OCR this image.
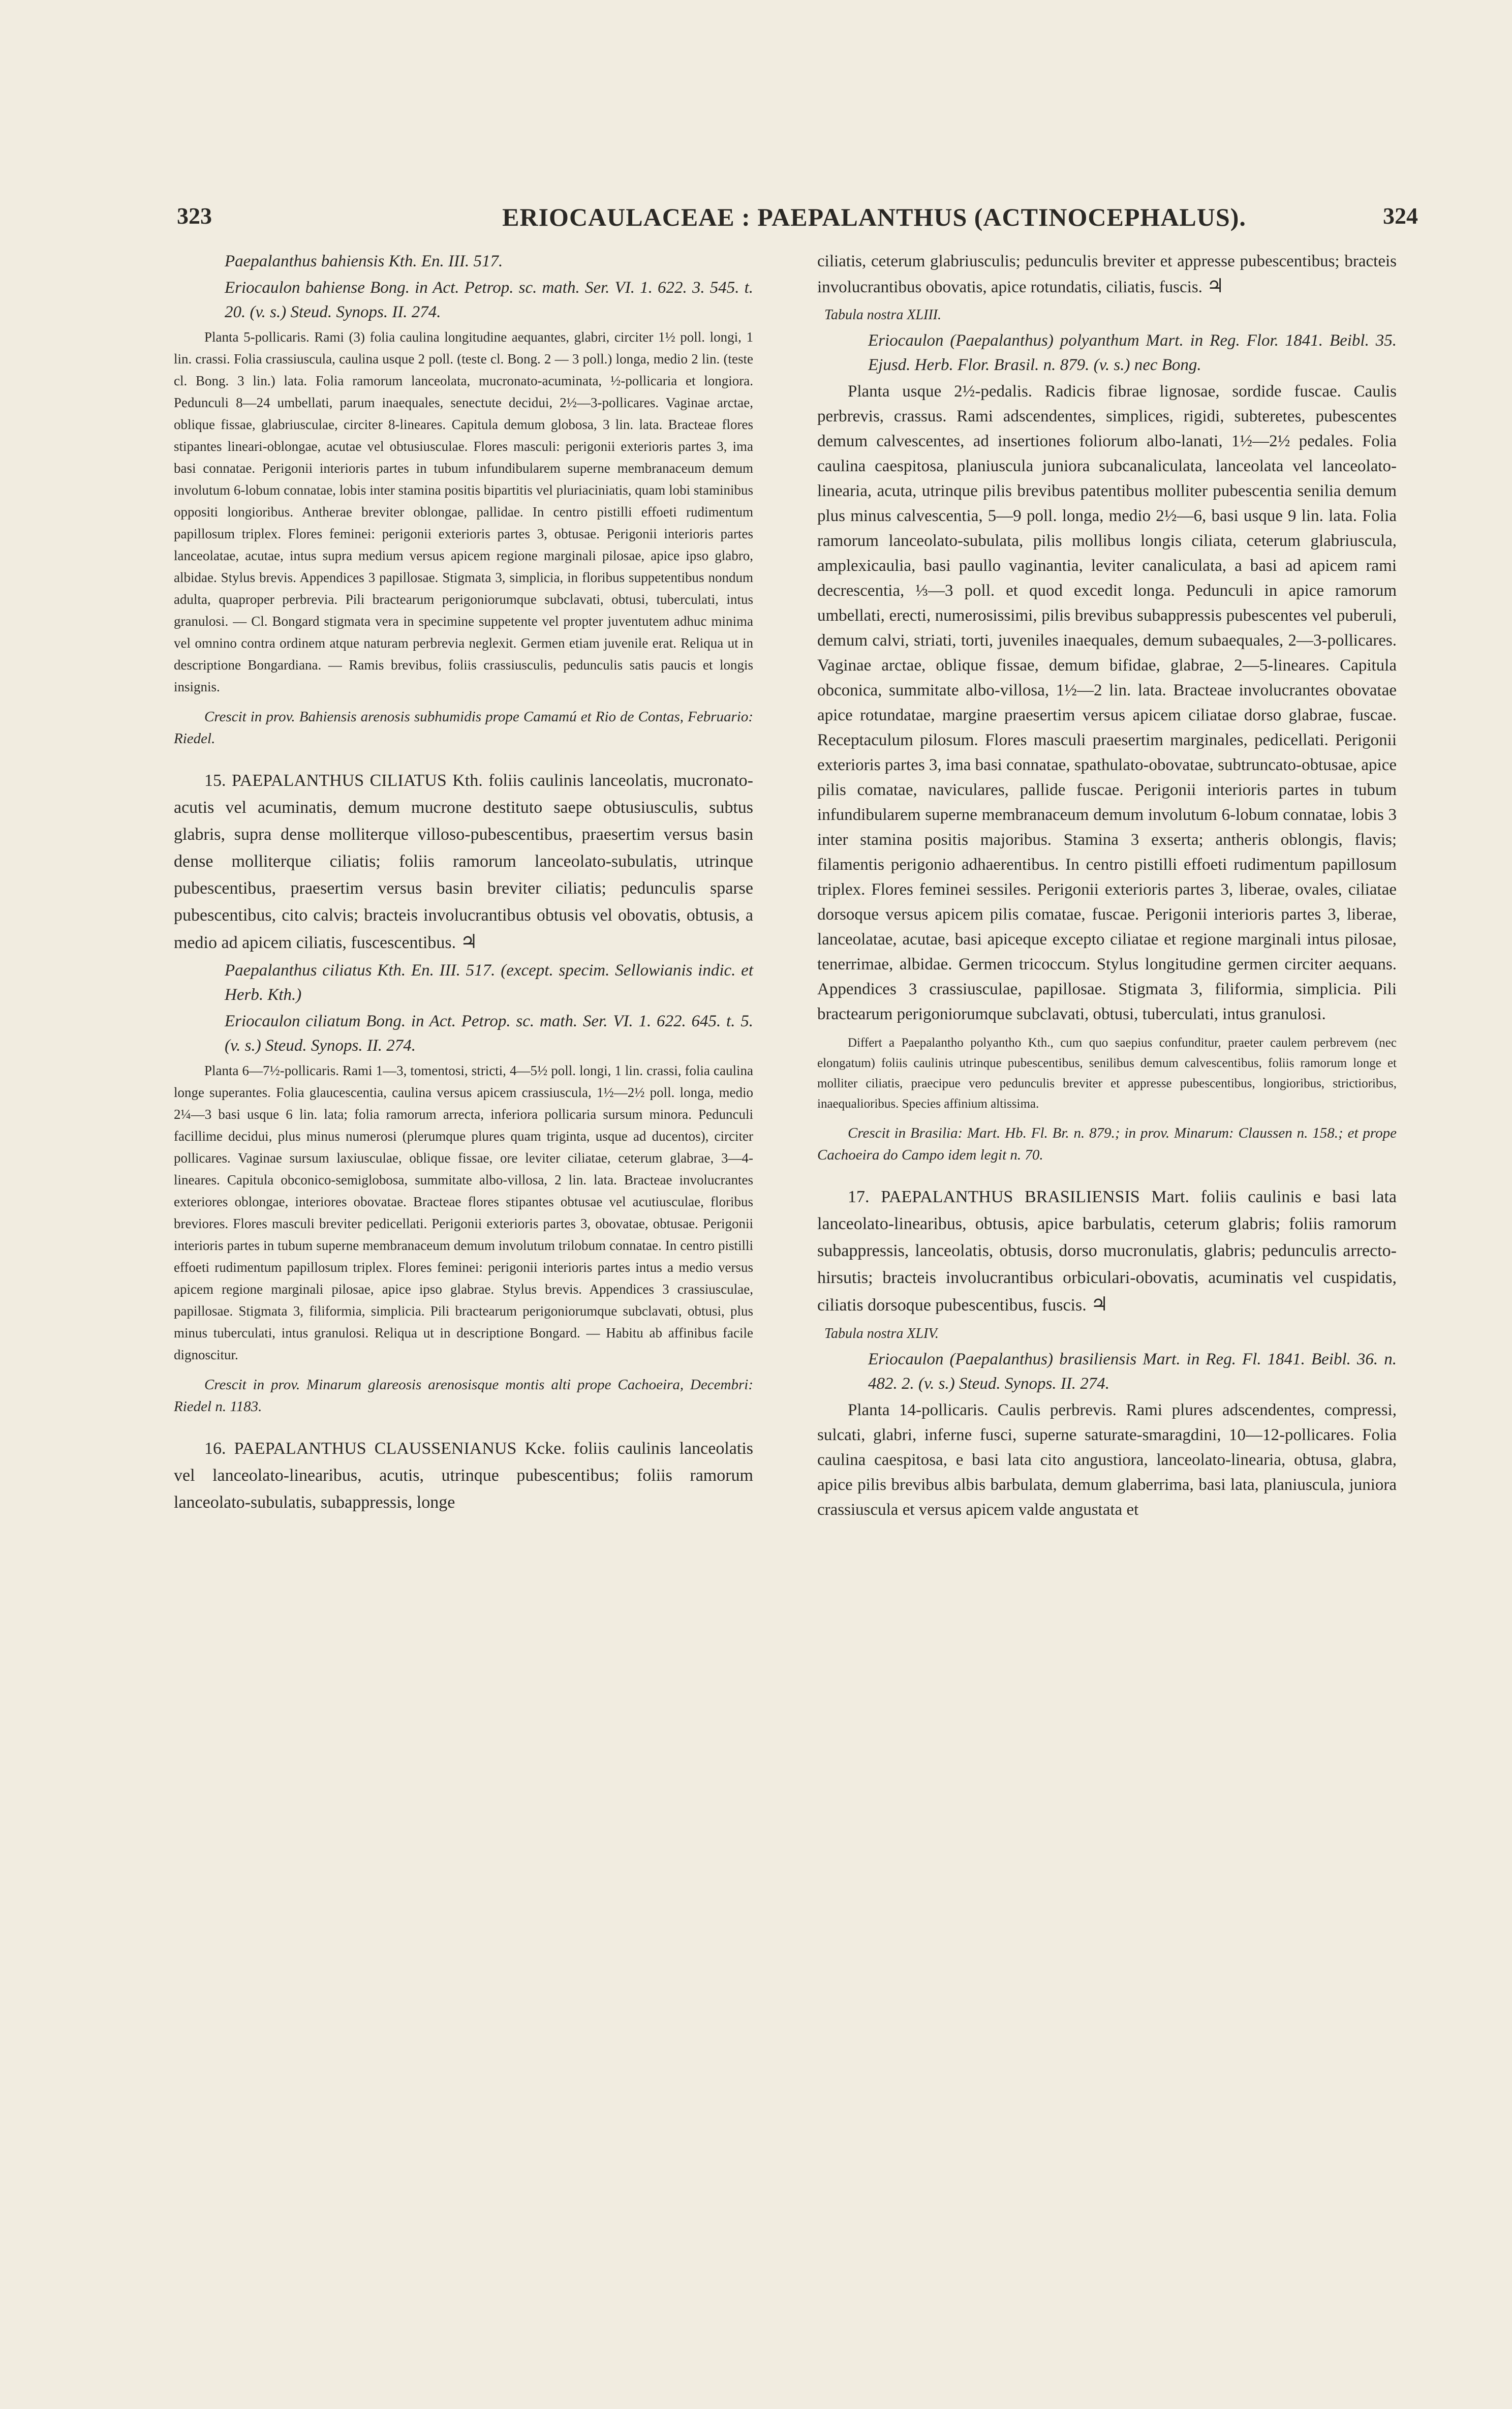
323	ERIOCAULACEAE : PAEPALANTHUS (ACTINOCEPHALUS).	324

Paepalanthus bahiensis Kth. En. III. 517.

Eriocaulon bahiense Bong. in Act. Petrop. sc. math. Ser. VI. 1. 622. 3. 545. t. 20. (v. s.) Steud. Synops. II. 274.

Planta 5-pollicaris. Rami (3) folia caulina longitudine aequantes, glabri, circiter 1½ poll. longi, 1 lin. crassi. Folia crassiuscula, caulina usque 2 poll. (teste cl. Bong. 2 — 3 poll.) longa, medio 2 lin. (teste cl. Bong. 3 lin.) lata. Folia ramorum lanceolata, mucronato-acuminata, ½-pollicaria et longiora. Pedunculi 8—24 umbellati, parum inaequales, senectute decidui, 2½—3-pollicares. Vaginae arctae, oblique fissae, glabriusculae, circiter 8-lineares. Capitula demum globosa, 3 lin. lata. Bracteae flores stipantes lineari-oblongae, acutae vel obtusiusculae. Flores masculi: perigonii exterioris partes 3, ima basi connatae. Perigonii interioris partes in tubum infundibularem superne membranaceum demum involutum 6-lobum connatae, lobis inter stamina positis bipartitis vel pluriaciniatis, quam lobi staminibus oppositi longioribus. Antherae breviter oblongae, pallidae. In centro pistilli effoeti rudimentum papillosum triplex. Flores feminei: perigonii exterioris partes 3, obtusae. Perigonii interioris partes lanceolatae, acutae, intus supra medium versus apicem regione marginali pilosae, apice ipso glabro, albidae. Stylus brevis. Appendices 3 papillosae. Stigmata 3, simplicia, in floribus suppetentibus nondum adulta, quaproper perbrevia. Pili bractearum perigoniorumque subclavati, obtusi, tuberculati, intus granulosi. — Cl. Bongard stigmata vera in specimine suppetente vel propter juventutem adhuc minima vel omnino contra ordinem atque naturam perbrevia neglexit. Germen etiam juvenile erat. Reliqua ut in descriptione Bongardiana. — Ramis brevibus, foliis crassiusculis, pedunculis satis paucis et longis insignis.

Crescit in prov. Bahiensis arenosis subhumidis prope Camamú et Rio de Contas, Februario: Riedel.

15. PAEPALANTHUS CILIATUS Kth. foliis caulinis lanceolatis, mucronato-acutis vel acuminatis, demum mucrone destituto saepe obtusiusculis, subtus glabris, supra dense molliterque villoso-pubescentibus, praesertim versus basin dense molliterque ciliatis; foliis ramorum lanceolato-subulatis, utrinque pubescentibus, praesertim versus basin breviter ciliatis; pedunculis sparse pubescentibus, cito calvis; bracteis involucrantibus obtusis vel obovatis, obtusis, a medio ad apicem ciliatis, fuscescentibus. ♃

Paepalanthus ciliatus Kth. En. III. 517. (except. specim. Sellowianis indic. et Herb. Kth.)

Eriocaulon ciliatum Bong. in Act. Petrop. sc. math. Ser. VI. 1. 622. 645. t. 5. (v. s.) Steud. Synops. II. 274.

Planta 6—7½-pollicaris. Rami 1—3, tomentosi, stricti, 4—5½ poll. longi, 1 lin. crassi, folia caulina longe superantes. Folia glaucescentia, caulina versus apicem crassiuscula, 1½—2½ poll. longa, medio 2¼—3 basi usque 6 lin. lata; folia ramorum arrecta, inferiora pollicaria sursum minora. Pedunculi facillime decidui, plus minus numerosi (plerumque plures quam triginta, usque ad ducentos), circiter pollicares. Vaginae sursum laxiusculae, oblique fissae, ore leviter ciliatae, ceterum glabrae, 3—4-lineares. Capitula obconico-semiglobosa, summitate albo-villosa, 2 lin. lata. Bracteae involucrantes exteriores oblongae, interiores obovatae. Bracteae flores stipantes obtusae vel acutiusculae, floribus breviores. Flores masculi breviter pedicellati. Perigonii exterioris partes 3, obovatae, obtusae. Perigonii interioris partes in tubum superne membranaceum demum involutum trilobum connatae. In centro pistilli effoeti rudimentum papillosum triplex. Flores feminei: perigonii interioris partes intus a medio versus apicem regione marginali pilosae, apice ipso glabrae. Stylus brevis. Appendices 3 crassiusculae, papillosae. Stigmata 3, filiformia, simplicia. Pili bractearum perigoniorumque subclavati, obtusi, plus minus tuberculati, intus granulosi. Reliqua ut in descriptione Bongard. — Habitu ab affinibus facile dignoscitur.

Crescit in prov. Minarum glareosis arenosisque montis alti prope Cachoeira, Decembri: Riedel n. 1183.

16. PAEPALANTHUS CLAUSSENIANUS Kcke. foliis caulinis lanceolatis vel lanceolato-linearibus, acutis, utrinque pubescentibus; foliis ramorum lanceolato-subulatis, subappressis, longe

ciliatis, ceterum glabriusculis; pedunculis breviter et appresse pubescentibus; bracteis involucrantibus obovatis, apice rotundatis, ciliatis, fuscis. ♃

Tabula nostra XLIII.

Eriocaulon (Paepalanthus) polyanthum Mart. in Reg. Flor. 1841. Beibl. 35. Ejusd. Herb. Flor. Brasil. n. 879. (v. s.) nec Bong.

Planta usque 2½-pedalis. Radicis fibrae lignosae, sordide fuscae. Caulis perbrevis, crassus. Rami adscendentes, simplices, rigidi, subteretes, pubescentes demum calvescentes, ad insertiones foliorum albo-lanati, 1½—2½ pedales. Folia caulina caespitosa, planiuscula juniora subcanaliculata, lanceolata vel lanceolato-linearia, acuta, utrinque pilis brevibus patentibus molliter pubescentia senilia demum plus minus calvescentia, 5—9 poll. longa, medio 2½—6, basi usque 9 lin. lata. Folia ramorum lanceolato-subulata, pilis mollibus longis ciliata, ceterum glabriuscula, amplexicaulia, basi paullo vaginantia, leviter canaliculata, a basi ad apicem rami decrescentia, ⅓—3 poll. et quod excedit longa. Pedunculi in apice ramorum umbellati, erecti, numerosissimi, pilis brevibus subappressis pubescentes vel puberuli, demum calvi, striati, torti, juveniles inaequales, demum subaequales, 2—3-pollicares. Vaginae arctae, oblique fissae, demum bifidae, glabrae, 2—5-lineares. Capitula obconica, summitate albo-villosa, 1½—2 lin. lata. Bracteae involucrantes obovatae apice rotundatae, margine praesertim versus apicem ciliatae dorso glabrae, fuscae. Receptaculum pilosum. Flores masculi praesertim marginales, pedicellati. Perigonii exterioris partes 3, ima basi connatae, spathulato-obovatae, subtruncato-obtusae, apice pilis comatae, naviculares, pallide fuscae. Perigonii interioris partes in tubum infundibularem superne membranaceum demum involutum 6-lobum connatae, lobis 3 inter stamina positis majoribus. Stamina 3 exserta; antheris oblongis, flavis; filamentis perigonio adhaerentibus. In centro pistilli effoeti rudimentum papillosum triplex. Flores feminei sessiles. Perigonii exterioris partes 3, liberae, ovales, ciliatae dorsoque versus apicem pilis comatae, fuscae. Perigonii interioris partes 3, liberae, lanceolatae, acutae, basi apiceque excepto ciliatae et regione marginali intus pilosae, tenerrimae, albidae. Germen tricoccum. Stylus longitudine germen circiter aequans. Appendices 3 crassiusculae, papillosae. Stigmata 3, filiformia, simplicia. Pili bractearum perigoniorumque subclavati, obtusi, tuberculati, intus granulosi.

Differt a Paepalantho polyantho Kth., cum quo saepius confunditur, praeter caulem perbrevem (nec elongatum) foliis caulinis utrinque pubescentibus, senilibus demum calvescentibus, foliis ramorum longe et molliter ciliatis, praecipue vero pedunculis breviter et appresse pubescentibus, longioribus, strictioribus, inaequalioribus. Species affinium altissima.

Crescit in Brasilia: Mart. Hb. Fl. Br. n. 879.; in prov. Minarum: Claussen n. 158.; et prope Cachoeira do Campo idem legit n. 70.

17. PAEPALANTHUS BRASILIENSIS Mart. foliis caulinis e basi lata lanceolato-linearibus, obtusis, apice barbulatis, ceterum glabris; foliis ramorum subappressis, lanceolatis, obtusis, dorso mucronulatis, glabris; pedunculis arrecto-hirsutis; bracteis involucrantibus orbiculari-obovatis, acuminatis vel cuspidatis, ciliatis dorsoque pubescentibus, fuscis. ♃

Tabula nostra XLIV.

Eriocaulon (Paepalanthus) brasiliensis Mart. in Reg. Fl. 1841. Beibl. 36. n. 482. 2. (v. s.) Steud. Synops. II. 274.

Planta 14-pollicaris. Caulis perbrevis. Rami plures adscendentes, compressi, sulcati, glabri, inferne fusci, superne saturate-smaragdini, 10—12-pollicares. Folia caulina caespitosa, e basi lata cito angustiora, lanceolato-linearia, obtusa, glabra, apice pilis brevibus albis barbulata, demum glaberrima, basi lata, planiuscula, juniora crassiuscula et versus apicem valde angustata et
